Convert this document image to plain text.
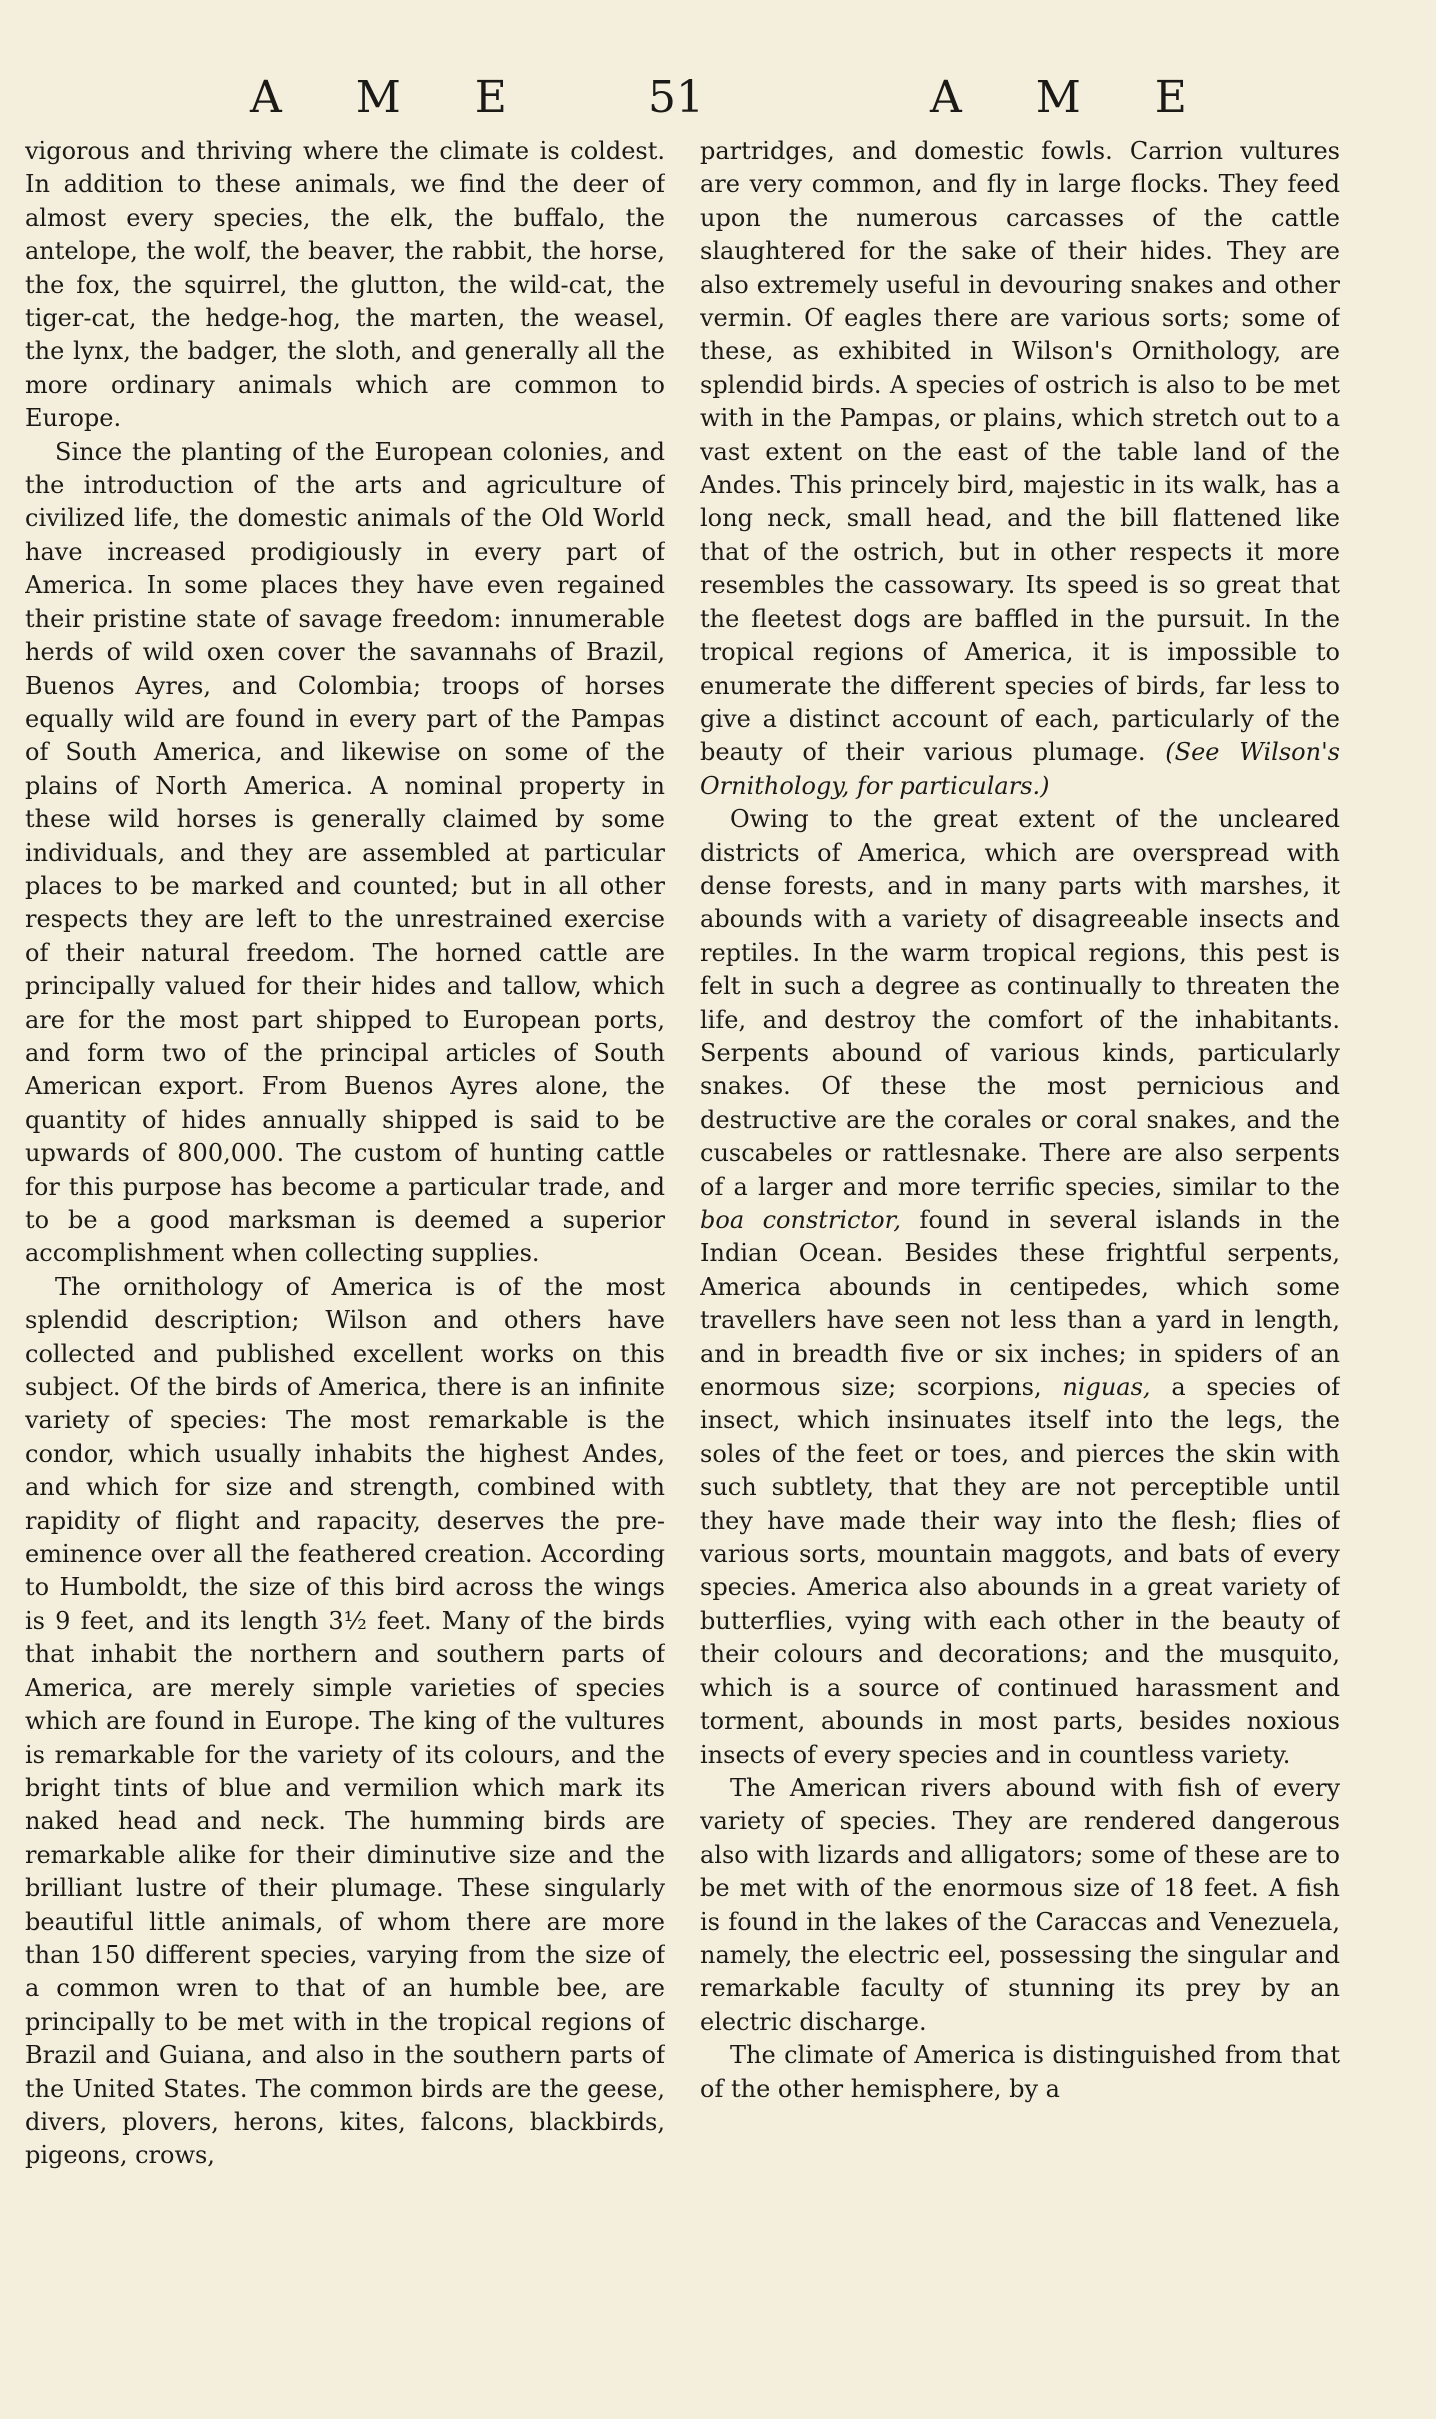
A M E	51	A M E

vigorous and thriving where the climate is coldest. In addition to these animals, we find the deer of almost every species, the elk, the buffalo, the antelope, the wolf, the beaver, the rabbit, the horse, the fox, the squirrel, the glutton, the wild-cat, the tiger-cat, the hedge-hog, the marten, the weasel, the lynx, the badger, the sloth, and generally all the more ordinary animals which are common to Europe.

Since the planting of the European colonies, and the introduction of the arts and agriculture of civilized life, the domestic animals of the Old World have increased prodigiously in every part of America. In some places they have even regained their pristine state of savage freedom: innumerable herds of wild oxen cover the savannahs of Brazil, Buenos Ayres, and Colombia; troops of horses equally wild are found in every part of the Pampas of South America, and likewise on some of the plains of North America. A nominal property in these wild horses is generally claimed by some individuals, and they are assembled at particular places to be marked and counted; but in all other respects they are left to the unrestrained exercise of their natural freedom. The horned cattle are principally valued for their hides and tallow, which are for the most part shipped to European ports, and form two of the principal articles of South American export. From Buenos Ayres alone, the quantity of hides annually shipped is said to be upwards of 800,000. The custom of hunting cattle for this purpose has become a particular trade, and to be a good marksman is deemed a superior accomplishment when collecting supplies.

The ornithology of America is of the most splendid description; Wilson and others have collected and published excellent works on this subject. Of the birds of America, there is an infinite variety of species: The most remarkable is the condor, which usually inhabits the highest Andes, and which for size and strength, combined with rapidity of flight and rapacity, deserves the pre-eminence over all the feathered creation. According to Humboldt, the size of this bird across the wings is 9 feet, and its length 3½ feet. Many of the birds that inhabit the northern and southern parts of America, are merely simple varieties of species which are found in Europe. The king of the vultures is remarkable for the variety of its colours, and the bright tints of blue and vermilion which mark its naked head and neck. The humming birds are remarkable alike for their diminutive size and the brilliant lustre of their plumage. These singularly beautiful little animals, of whom there are more than 150 different species, varying from the size of a common wren to that of an humble bee, are principally to be met with in the tropical regions of Brazil and Guiana, and also in the southern parts of the United States. The common birds are the geese, divers, plovers, herons, kites, falcons, blackbirds, pigeons, crows,

partridges, and domestic fowls. Carrion vultures are very common, and fly in large flocks. They feed upon the numerous carcasses of the cattle slaughtered for the sake of their hides. They are also extremely useful in devouring snakes and other vermin. Of eagles there are various sorts; some of these, as exhibited in Wilson's Ornithology, are splendid birds. A species of ostrich is also to be met with in the Pampas, or plains, which stretch out to a vast extent on the east of the table land of the Andes. This princely bird, majestic in its walk, has a long neck, small head, and the bill flattened like that of the ostrich, but in other respects it more resembles the cassowary. Its speed is so great that the fleetest dogs are baffled in the pursuit. In the tropical regions of America, it is impossible to enumerate the different species of birds, far less to give a distinct account of each, particularly of the beauty of their various plumage. (See Wilson's Ornithology, for particulars.)

Owing to the great extent of the uncleared districts of America, which are overspread with dense forests, and in many parts with marshes, it abounds with a variety of disagreeable insects and reptiles. In the warm tropical regions, this pest is felt in such a degree as continually to threaten the life, and destroy the comfort of the inhabitants. Serpents abound of various kinds, particularly snakes. Of these the most pernicious and destructive are the corales or coral snakes, and the cuscabeles or rattlesnake. There are also serpents of a larger and more terrific species, similar to the boa constrictor, found in several islands in the Indian Ocean. Besides these frightful serpents, America abounds in centipedes, which some travellers have seen not less than a yard in length, and in breadth five or six inches; in spiders of an enormous size; scorpions, niguas, a species of insect, which insinuates itself into the legs, the soles of the feet or toes, and pierces the skin with such subtlety, that they are not perceptible until they have made their way into the flesh; flies of various sorts, mountain maggots, and bats of every species. America also abounds in a great variety of butterflies, vying with each other in the beauty of their colours and decorations; and the musquito, which is a source of continued harassment and torment, abounds in most parts, besides noxious insects of every species and in countless variety.

The American rivers abound with fish of every variety of species. They are rendered dangerous also with lizards and alligators; some of these are to be met with of the enormous size of 18 feet. A fish is found in the lakes of the Caraccas and Venezuela, namely, the electric eel, possessing the singular and remarkable faculty of stunning its prey by an electric discharge.

The climate of America is distinguished from that of the other hemisphere, by a
